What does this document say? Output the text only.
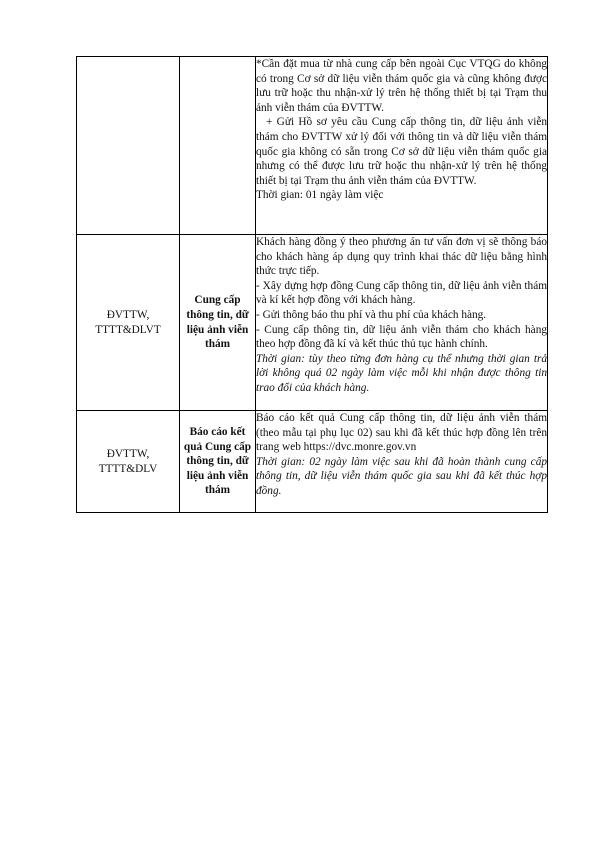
		*Cần đặt mua từ nhà cung cấp bên ngoài Cục VTQG do không có trong Cơ sở dữ liệu viễn thám quốc gia và cũng không được lưu trữ hoặc thu nhận-xử lý trên hệ thống thiết bị tại Trạm thu ảnh viễn thám của ĐVTTW.

+ Gửi Hồ sơ yêu cầu Cung cấp thông tin, dữ liệu ảnh viễn thám cho ĐVTTW xử lý đối với thông tin và dữ liệu viễn thám quốc gia không có sẵn trong Cơ sở dữ liệu viễn thám quốc gia nhưng có thể được lưu trữ hoặc thu nhận-xử lý trên hệ thống thiết bị tại Trạm thu ảnh viễn thám của ĐVTTW.

Thời gian: 01 ngày làm việc

ĐVTTW, TTTT&DLVT	Cung cấp thông tin, dữ liệu ảnh viễn thám	Khách hàng đồng ý theo phương án tư vấn đơn vị sẽ thông báo cho khách hàng áp dụng quy trình khai thác dữ liệu bằng hình thức trực tiếp.

- Xây dựng hợp đồng Cung cấp thông tin, dữ liệu ảnh viễn thám và kí kết hợp đồng với khách hàng.

- Gửi thông báo thu phí và thu phí của khách hàng.

- Cung cấp thông tin, dữ liệu ảnh viễn thám cho khách hàng theo hợp đồng đã kí và kết thúc thủ tục hành chính.

Thời gian: tùy theo từng đơn hàng cụ thể nhưng thời gian trả lời không quá 02 ngày làm việc mỗi khi nhận được thông tin trao đổi của khách hàng.

ĐVTTW, TTTT&DLV	Báo cáo kết quả Cung cấp thông tin, dữ liệu ảnh viễn thám	Báo cáo kết quả Cung cấp thông tin, dữ liệu ảnh viễn thám (theo mẫu tại phụ lục 02) sau khi đã kết thúc hợp đồng lên trên trang web https://dvc.monre.gov.vn

Thời gian: 02 ngày làm việc sau khi đã hoàn thành cung cấp thông tin, dữ liệu viễn thám quốc gia sau khi đã kết thúc hợp đồng.
